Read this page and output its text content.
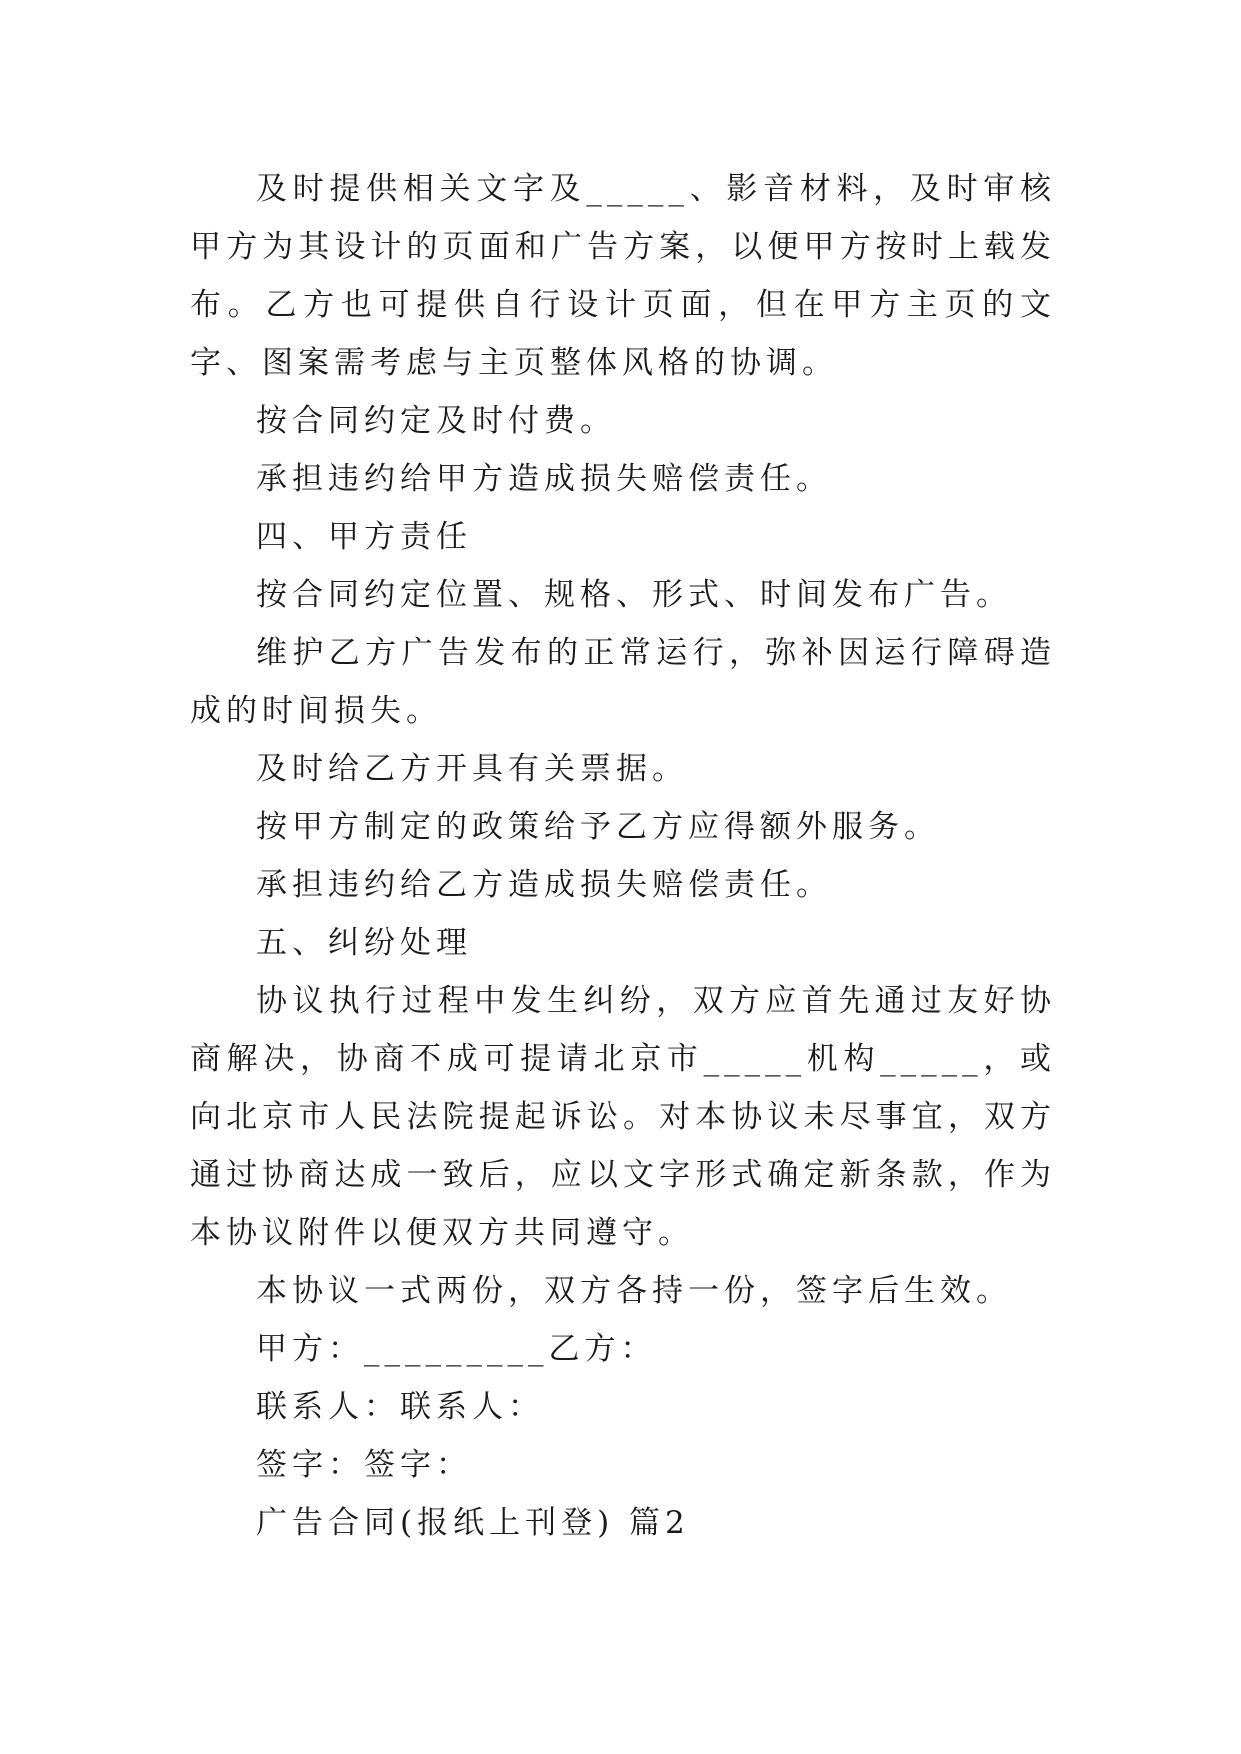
及时提供相关文字及_____、影音材料，及时审核甲方为其设计的页面和广告方案，以便甲方按时上载发布。乙方也可提供自行设计页面，但在甲方主页的文字、图案需考虑与主页整体风格的协调。

按合同约定及时付费。

承担违约给甲方造成损失赔偿责任。

四、甲方责任

按合同约定位置、规格、形式、时间发布广告。

维护乙方广告发布的正常运行，弥补因运行障碍造成的时间损失。

及时给乙方开具有关票据。

按甲方制定的政策给予乙方应得额外服务。

承担违约给乙方造成损失赔偿责任。

五、纠纷处理

协议执行过程中发生纠纷，双方应首先通过友好协商解决，协商不成可提请北京市_____机构_____，或向北京市人民法院提起诉讼。对本协议未尽事宜，双方通过协商达成一致后，应以文字形式确定新条款，作为本协议附件以便双方共同遵守。

本协议一式两份，双方各持一份，签字后生效。

甲方：_________乙方：

联系人：联系人：

签字：签字：

广告合同(报纸上刊登) 篇2
